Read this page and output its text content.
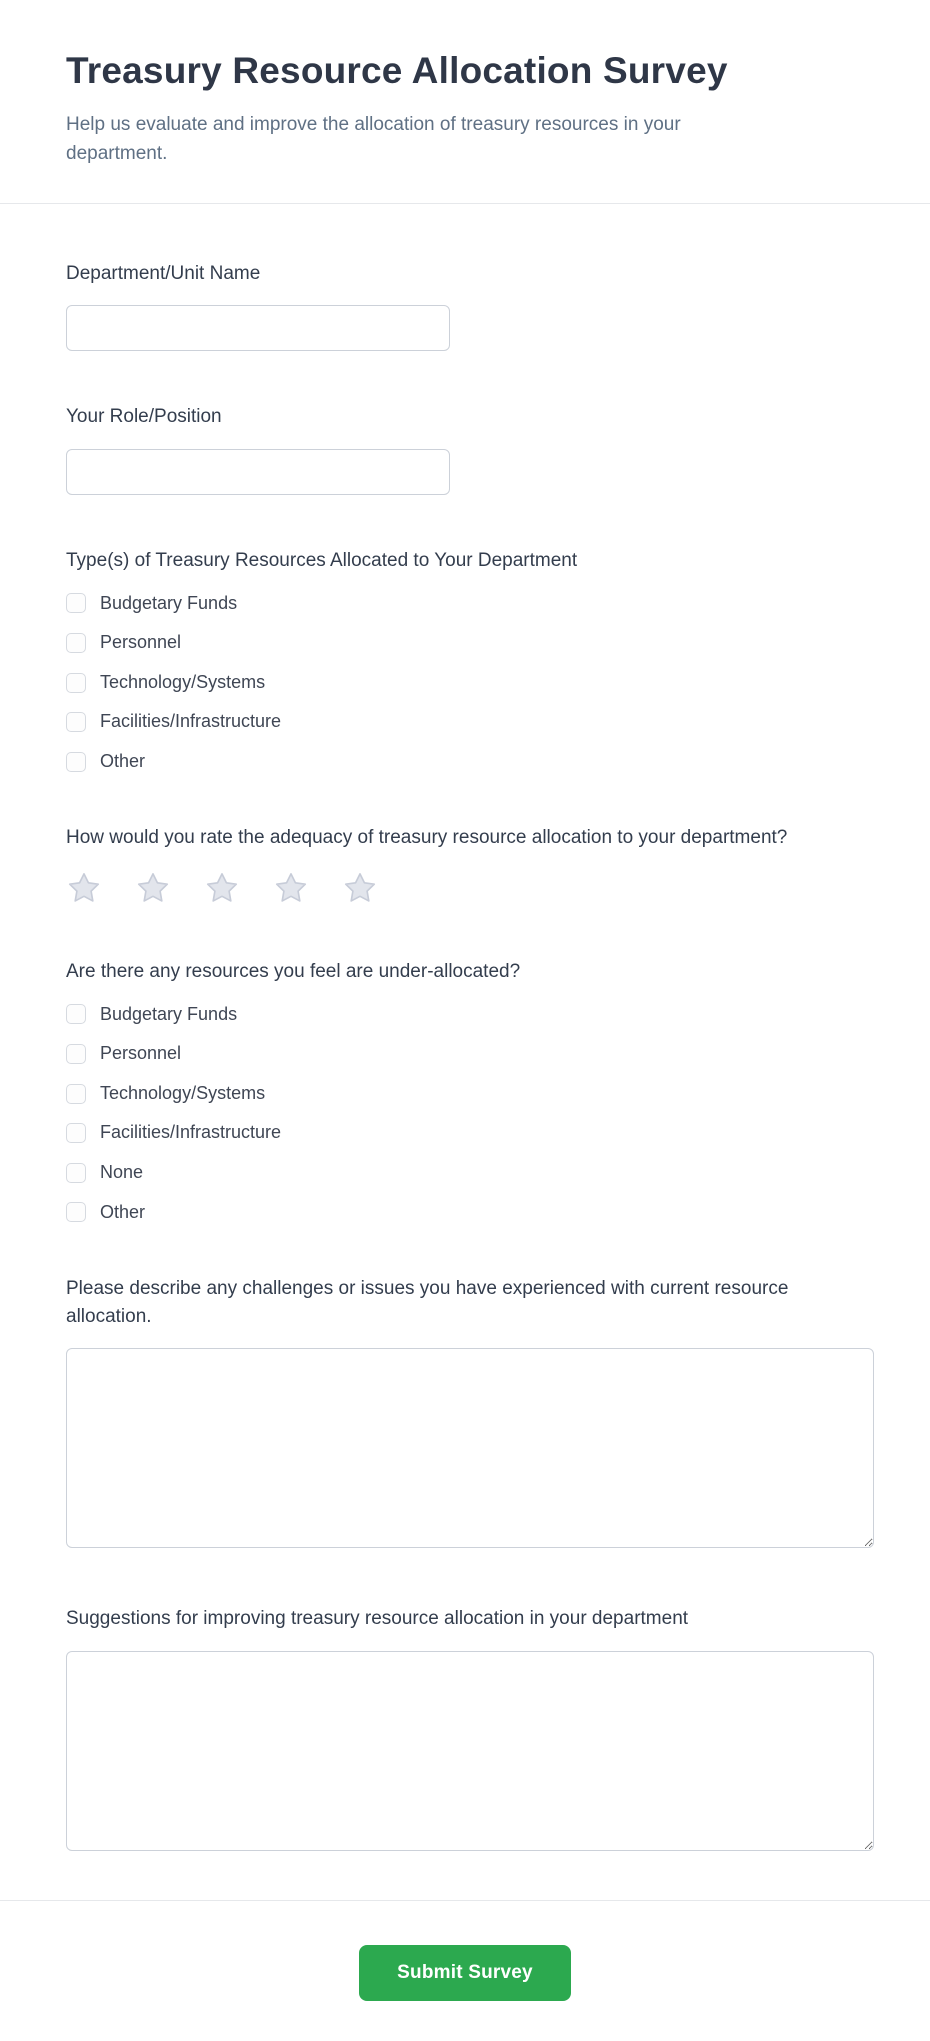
Treasury Resource Allocation Survey

Help us evaluate and improve the allocation of treasury resources in your department.

Department/Unit Name
Your Role/Position
Type(s) of Treasury Resources Allocated to Your Department
Budgetary Funds
Personnel
Technology/Systems
Facilities/Infrastructure
Other
How would you rate the adequacy of treasury resource allocation to your department?
Are there any resources you feel are under-allocated?
Budgetary Funds
Personnel
Technology/Systems
Facilities/Infrastructure
None
Other
Please describe any challenges or issues you have experienced with current resource allocation.
Suggestions for improving treasury resource allocation in your department
Submit Survey
